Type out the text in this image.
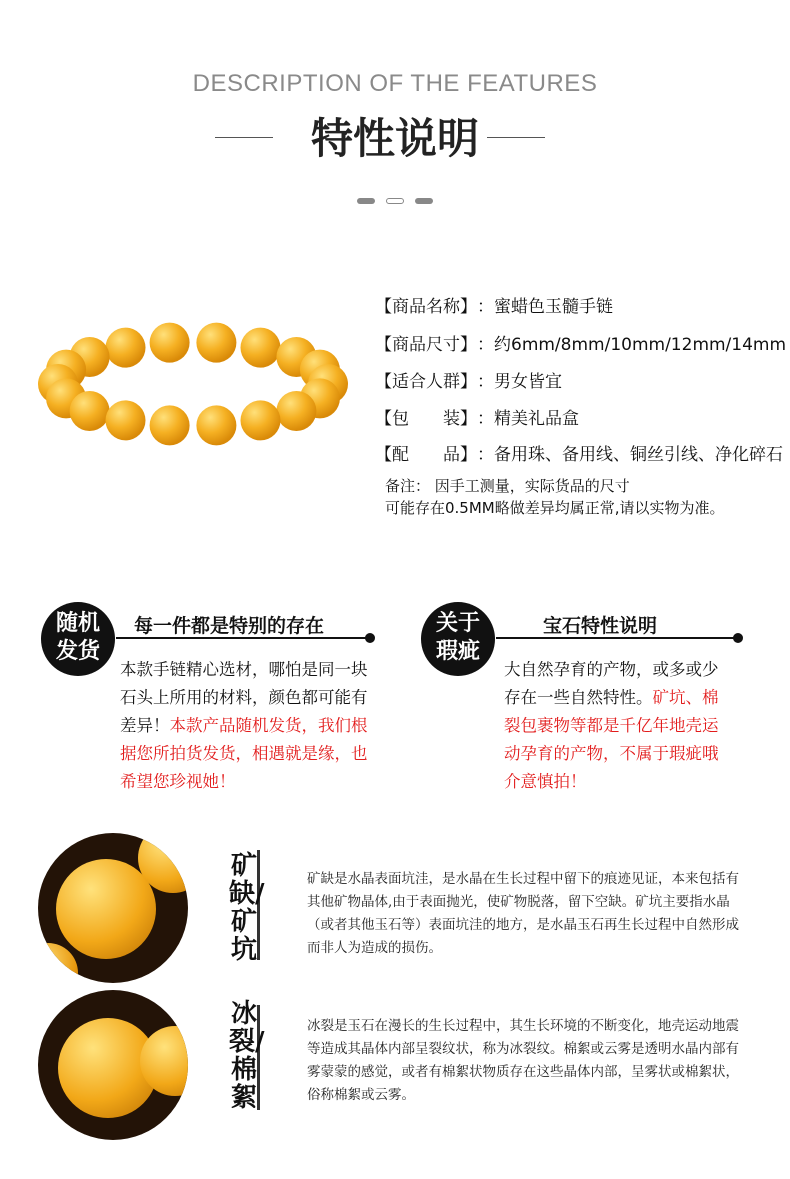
DESCRIPTION OF THE FEATURES
特性说明

【商品名称】：蜜蜡色玉髓手链
【商品尺寸】：约6mm/8mm/10mm/12mm/14mm
【适合人群】：男女皆宜
【包　　装】：精美礼品盒
【配　　品】：备用珠、备用线、铜丝引线、净化碎石
备注： 因手工测量，实际货品的尺寸
可能存在0.5MM略做差异均属正常,请以实物为准。
随机
发货
每一件都是特别的存在
本款手链精心选材，哪怕是同一块石头上所用的材料，颜色都可能有差异！本款产品随机发货，我们根据您所拍货发货，相遇就是缘，也希望您珍视她！
关于
瑕疵
宝石特性说明
大自然孕育的产物，或多或少存在一些自然特性。矿坑、棉裂包裹物等都是千亿年地壳运动孕育的产物，不属于瑕疵哦介意慎拍！
矿缺/矿坑
矿缺是水晶表面坑洼，是水晶在生长过程中留下的痕迹见证，本来包括有其他矿物晶体,由于表面抛光，使矿物脱落，留下空缺。矿坑主要指水晶（或者其他玉石等）表面坑洼的地方，是水晶玉石再生长过程中自然形成而非人为造成的损伤。
冰裂/棉絮
冰裂是玉石在漫长的生长过程中，其生长环境的不断变化，地壳运动地震等造成其晶体内部呈裂纹状，称为冰裂纹。棉絮或云雾是透明水晶内部有雾蒙蒙的感觉，或者有棉絮状物质存在这些晶体内部，呈雾状或棉絮状，俗称棉絮或云雾。
